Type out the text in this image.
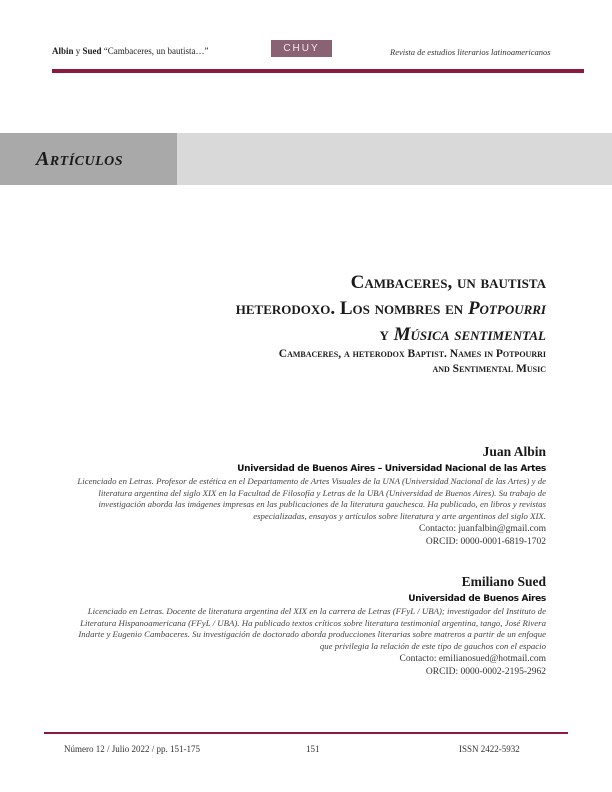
Albin y Sued “Cambaceres, un bautista…”	CHUY	Revista de estudios literarios latinoamericanos
Artículos
Cambaceres, un bautista
heterodoxo. Los nombres en Potpourri
y Música sentimental
Cambaceres, a heterodox Baptist. Names in Potpourri
and Sentimental Music
Juan Albin
Universidad de Buenos Aires – Universidad Nacional de las Artes
Licenciado en Letras. Profesor de estética en el Departamento de Artes Visuales de la UNA (Universidad Nacional de las Artes) y de literatura argentina del siglo XIX en la Facultad de Filosofía y Letras de la UBA (Universidad de Buenos Aires). Su trabajo de investigación aborda las imágenes impresas en las publicaciones de la literatura gauchesca. Ha publicado, en libros y revistas especializadas, ensayos y artículos sobre literatura y arte argentinos del siglo XIX.
Contacto: juanfalbin@gmail.com
ORCID: 0000-0001-6819-1702
Emiliano Sued
Universidad de Buenos Aires
Licenciado en Letras. Docente de literatura argentina del XIX en la carrera de Letras (FFyL / UBA); investigador del Instituto de Literatura Hispanoamericana (FFyL / UBA). Ha publicado textos críticos sobre literatura testimonial argentina, tango, José Rivera Indarte y Eugenio Cambaceres. Su investigación de doctorado aborda producciones literarias sobre matreros a partir de un enfoque que privilegia la relación de este tipo de gauchos con el espacio
Contacto: emilianosued@hotmail.com
ORCID: 0000-0002-2195-2962
Número 12 / Julio 2022 / pp. 151-175	151	ISSN 2422-5932
